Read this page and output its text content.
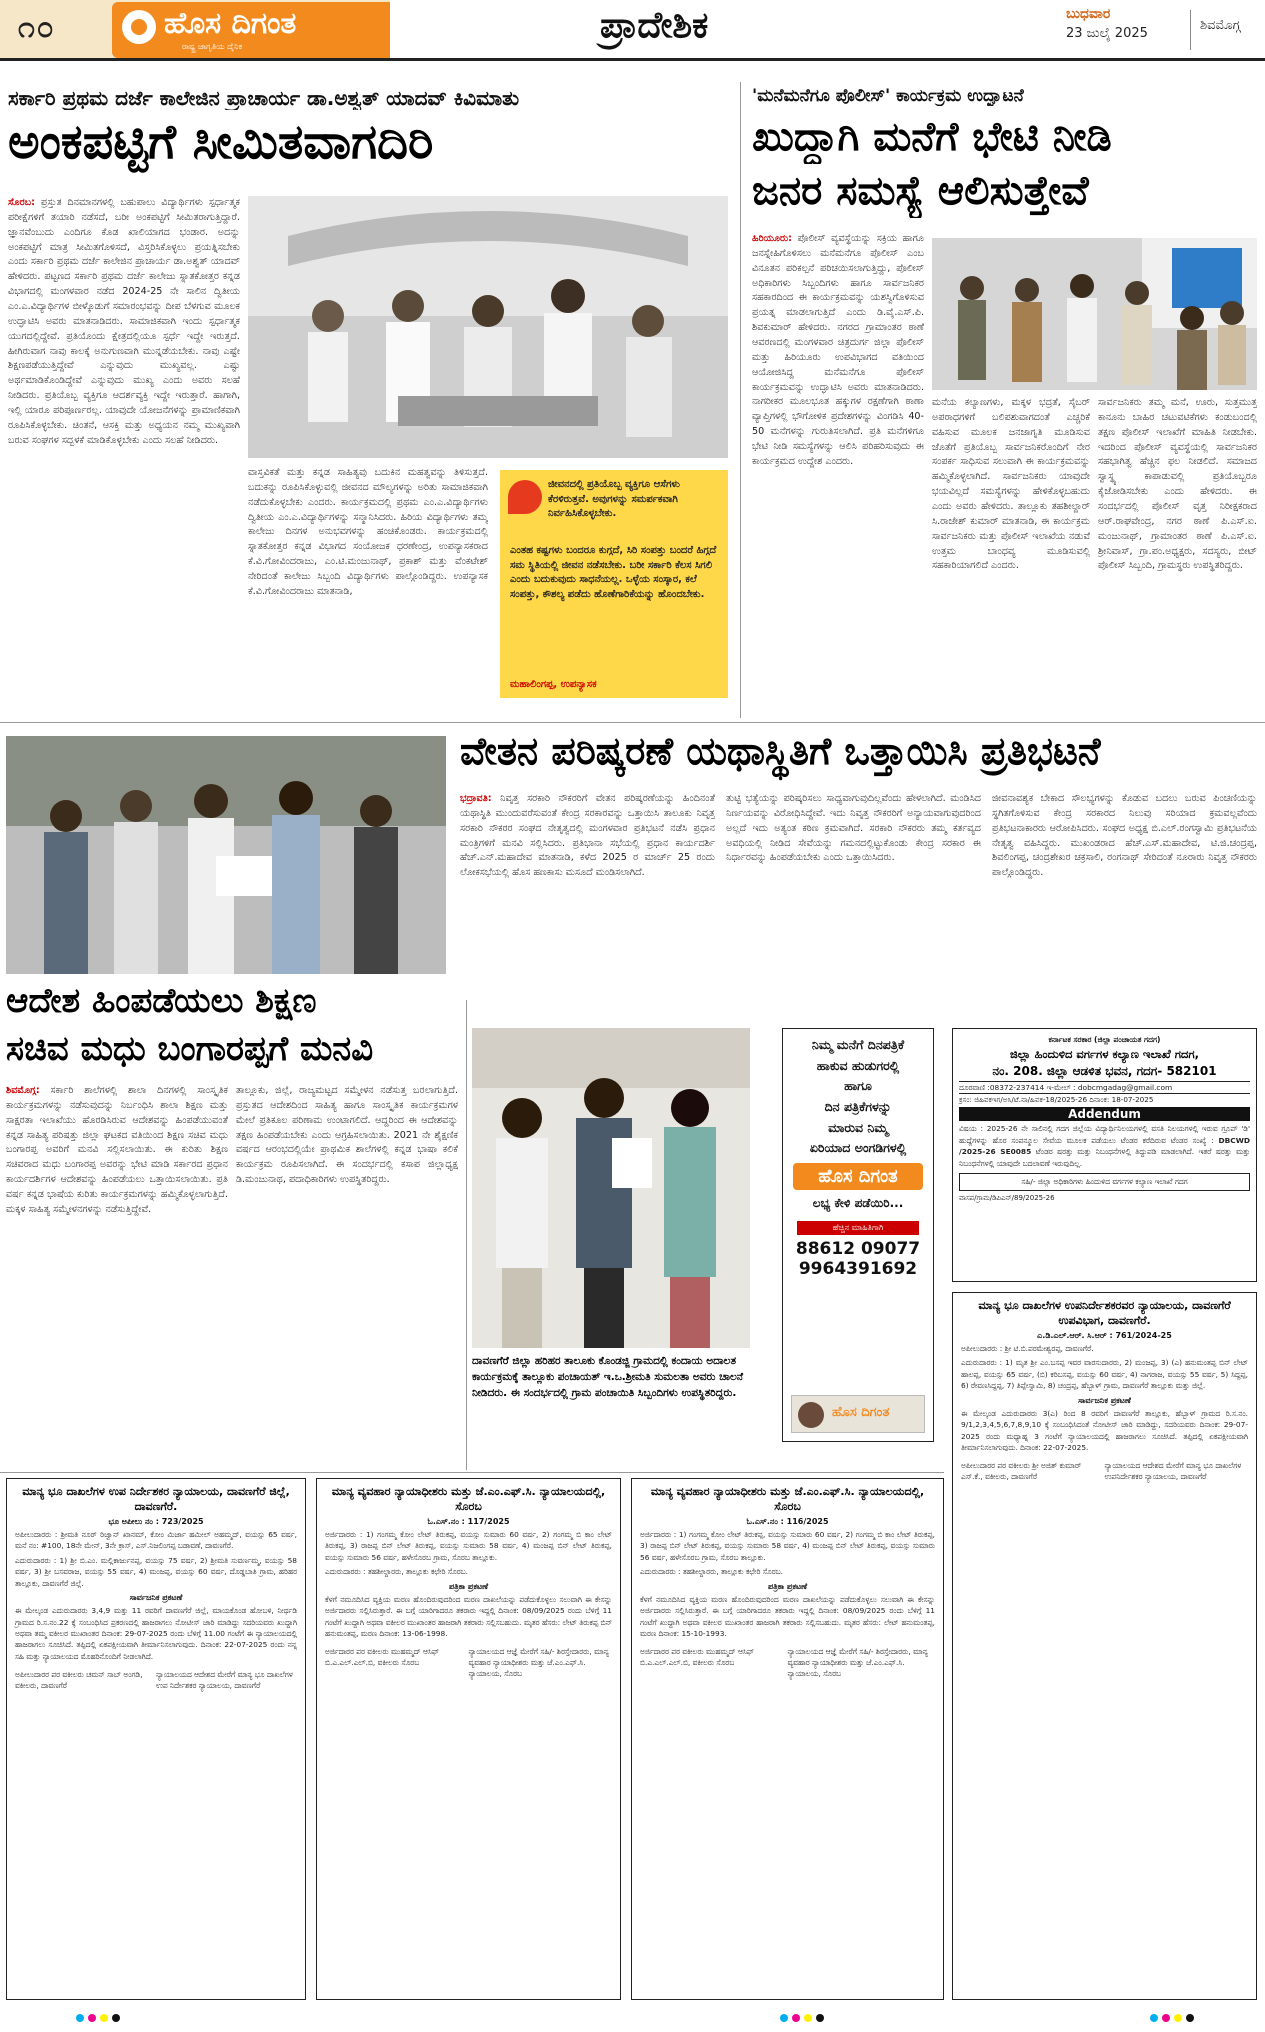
೧೦	ಹೊಸ ದಿಗಂತ
ರಾಷ್ಟ್ರ ಜಾಗೃತಿಯ ದೈನಿಕ
ಪ್ರಾದೇಶಿಕ	ಬುಧವಾರ
23 ಜುಲೈ 2025
ಶಿವಮೊಗ್ಗ
ಸರ್ಕಾರಿ ಪ್ರಥಮ ದರ್ಜೆ ಕಾಲೇಜಿನ ಪ್ರಾಚಾರ್ಯ ಡಾ.ಅಶ್ವತ್ ಯಾದವ್ ಕಿವಿಮಾತು
ಅಂಕಪಟ್ಟಿಗೆ ಸೀಮಿತವಾಗದಿರಿ
ಸೊರಬ: ಪ್ರಸ್ತುತ ದಿನಮಾನಗಳಲ್ಲಿ ಬಹುಪಾಲು ವಿದ್ಯಾರ್ಥಿಗಳು ಸ್ಪರ್ಧಾತ್ಮಕ ಪರೀಕ್ಷೆಗಳಿಗೆ ತಯಾರಿ ನಡೆಸದೆ, ಬರೀ ಅಂಕಪಟ್ಟಿಗೆ ಸೀಮಿತರಾಗುತ್ತಿದ್ದಾರೆ. ಜ್ಞಾನವೆಂಬುದು ಎಂದಿಗೂ ಕೊಡ ಖಾಲಿಯಾಗದ ಭಂಡಾರ. ಅದನ್ನು ಅಂಕಪಟ್ಟಿಗೆ ಮಾತ್ರ ಸೀಮಿತಗೊಳಿಸದೆ, ವಿಸ್ತರಿಸಿಕೊಳ್ಳಲು ಪ್ರಯತ್ನಿಸಬೇಕು ಎಂದು ಸರ್ಕಾರಿ ಪ್ರಥಮ ದರ್ಜೆ ಕಾಲೇಜಿನ ಪ್ರಾಚಾರ್ಯ ಡಾ.ಅಶ್ವತ್ ಯಾದವ್ ಹೇಳಿದರು. ಪಟ್ಟಣದ ಸರ್ಕಾರಿ ಪ್ರಥಮ ದರ್ಜೆ ಕಾಲೇಜು ಸ್ನಾತಕೋತ್ತರ ಕನ್ನಡ ವಿಭಾಗದಲ್ಲಿ ಮಂಗಳವಾರ ನಡೆದ 2024-25 ನೇ ಸಾಲಿನ ದ್ವಿತೀಯ ಎಂ.ಎ.ವಿದ್ಯಾರ್ಥಿಗಳ ಬೀಳ್ಕೊಡುಗೆ ಸಮಾರಂಭವನ್ನು ದೀಪ ಬೆಳಗುವ ಮೂಲಕ ಉದ್ಘಾಟಿಸಿ ಅವರು ಮಾತನಾಡಿದರು. ಸಾಮಾಜಿಕವಾಗಿ ಇಂದು ಸ್ಪರ್ಧಾತ್ಮಕ ಯುಗದಲ್ಲಿದ್ದೇವೆ. ಪ್ರತಿಯೊಂದು ಕ್ಷೇತ್ರದಲ್ಲಿಯೂ ಸ್ಪರ್ಧೆ ಇದ್ದೇ ಇರುತ್ತದೆ. ಹೀಗಿರುವಾಗ ನಾವು ಕಾಲಕ್ಕೆ ಅನುಗುಣವಾಗಿ ಮುನ್ನಡೆಯಬೇಕು. ನಾವು ಎಷ್ಟೇ ಶಿಕ್ಷಣಪಡೆಯುತ್ತಿದ್ದೇವೆ ಎನ್ನುವುದು ಮುಖ್ಯವಲ್ಲ. ಎಷ್ಟು ಅರ್ಥಮಾಡಿಕೊಂಡಿದ್ದೇವೆ ಎನ್ನುವುದು ಮುಖ್ಯ ಎಂದು ಅವರು ಸಲಹೆ ನೀಡಿದರು. ಪ್ರತಿಯೊಬ್ಬ ವ್ಯಕ್ತಿಗೂ ಆದರ್ಶವ್ಯಕ್ತಿ ಇದ್ದೇ ಇರುತ್ತಾರೆ. ಹಾಗಾಗಿ, ಇಲ್ಲಿ ಯಾರೂ ಪರಿಪೂರ್ಣರಲ್ಲ. ಯಾವುದೇ ಯೋಜನೆಗಳನ್ನು ಪ್ರಾಮಾಣಿಕವಾಗಿ ರೂಪಿಸಿಕೊಳ್ಳಬೇಕು. ಚಿಂತನೆ, ಆಸಕ್ತಿ ಮತ್ತು ಅಧ್ಯಯನ ನಮ್ಮ ಮುಖ್ಯವಾಗಿ ಬರುವ ಸಂಘಗಳ ಸದ್ಬಳಕೆ ಮಾಡಿಕೊಳ್ಳಬೇಕು ಎಂದು ಸಲಹೆ ನೀಡಿದರು.
ವಾಸ್ತವಿಕತೆ ಮತ್ತು ಕನ್ನಡ ಸಾಹಿತ್ಯವು ಬದುಕಿನ ಮಹತ್ವವನ್ನು ತಿಳಿಸುತ್ತದೆ. ಬದುಕನ್ನು ರೂಪಿಸಿಕೊಳ್ಳುವಲ್ಲಿ ಜೀವನದ ಮೌಲ್ಯಗಳನ್ನು ಅರಿತು ಸಾಮಾಜಿಕವಾಗಿ ನಡೆದುಕೊಳ್ಳಬೇಕು ಎಂದರು. ಕಾರ್ಯಕ್ರಮದಲ್ಲಿ ಪ್ರಥಮ ಎಂ.ಎ.ವಿದ್ಯಾರ್ಥಿಗಳು ದ್ವಿತೀಯ ಎಂ.ಎ.ವಿದ್ಯಾರ್ಥಿಗಳನ್ನು ಸನ್ಮಾನಿಸಿದರು. ಹಿರಿಯ ವಿದ್ಯಾರ್ಥಿಗಳು ತಮ್ಮ ಕಾಲೇಜು ದಿನಗಳ ಅನುಭವಗಳನ್ನು ಹಂಚಿಕೊಂಡರು. ಕಾರ್ಯಕ್ರಮದಲ್ಲಿ ಸ್ನಾತಕೋತ್ತರ ಕನ್ನಡ ವಿಭಾಗದ ಸಂಯೋಜಕ ಧರಣೇಂದ್ರ, ಉಪನ್ಯಾಸಕರಾದ ಕೆ.ವಿ.ಗೋವಿಂದರಾಜು, ಎಂ.ಟಿ.ಮಂಜುನಾಥ್, ಪ್ರಕಾಶ್ ಮತ್ತು ವೆಂಕಟೇಶ್ ನೇರಿದಂತೆ ಕಾಲೇಜು ಸಿಬ್ಬಂದಿ ವಿದ್ಯಾರ್ಥಿಗಳು ಪಾಲ್ಗೊಂಡಿದ್ದರು. ಉಪನ್ಯಾಸಕ ಕೆ.ವಿ.ಗೋವಿಂದರಾಜು ಮಾತನಾಡಿ,
ಜೀವನದಲ್ಲಿ ಪ್ರತಿಯೊಬ್ಬ ವ್ಯಕ್ತಿಗೂ ಆಸೆಗಳು ಕೆರಳಿರುತ್ತವೆ. ಅವುಗಳನ್ನು ಸಮರ್ಪಕವಾಗಿ ನಿರ್ವಹಿಸಿಕೊಳ್ಳಬೇಕು.
ಎಂತಹ ಕಷ್ಟಗಳು ಬಂದರೂ ಕುಗ್ಗದೆ, ಸಿರಿ ಸಂಪತ್ತು ಬಂದರೆ ಹಿಗ್ಗದೆ ಸಮ ಸ್ಥಿತಿಯಲ್ಲಿ ಜೀವನ ನಡೆಸಬೇಕು. ಬರೀ ಸರ್ಕಾರಿ ಕೆಲಸ ಸಿಗಲಿ ಎಂದು ಬದುಕುವುದು ಸಾಧನೆಯಲ್ಲ. ಒಳ್ಳೆಯ ಸಂಸ್ಕಾರ, ಕಲೆ ಸಂಪತ್ತು, ಕೌಶಲ್ಯ ಪಡೆದು ಹೊಣೆಗಾರಿಕೆಯನ್ನು ಹೊಂದಬೇಕು.
ಮಹಾಲಿಂಗಪ್ಪ, ಉಪನ್ಯಾಸಕ
'ಮನೆಮನೆಗೂ ಪೊಲೀಸ್' ಕಾರ್ಯಕ್ರಮ ಉದ್ಘಾಟನೆ
ಖುದ್ದಾಗಿ ಮನೆಗೆ ಭೇಟಿ ನೀಡಿ
ಜನರ ಸಮಸ್ಯೆ ಆಲಿಸುತ್ತೇವೆ
ಹಿರಿಯೂರು: ಪೊಲೀಸ್ ವ್ಯವಸ್ಥೆಯನ್ನು ಸಕ್ರಿಯ ಹಾಗೂ ಜನಸ್ನೇಹಿಗೊಳಿಸಲು ಮನೆಮನೆಗೂ ಪೊಲೀಸ್ ಎಂಬ ವಿನೂತನ ಪರಿಕಲ್ಪನೆ ಪರಿಚಯಿಸಲಾಗುತ್ತಿದ್ದು, ಪೊಲೀಸ್ ಅಧಿಕಾರಿಗಳು ಸಿಬ್ಬಂದಿಗಳು ಹಾಗೂ ಸಾರ್ವಜನಿಕರ ಸಹಕಾರದಿಂದ ಈ ಕಾರ್ಯಕ್ರಮವನ್ನು ಯಶಸ್ವಿಗೊಳಿಸುವ ಪ್ರಯತ್ನ ಮಾಡಲಾಗುತ್ತಿದೆ ಎಂದು ಡಿ.ವೈ.ಎಸ್.ಪಿ. ಶಿವಕುಮಾರ್ ಹೇಳಿದರು. ನಗರದ ಗ್ರಾಮಾಂತರ ಠಾಣೆ ಆವರಣದಲ್ಲಿ ಮಂಗಳವಾರ ಚಿತ್ರದುರ್ಗ ಜಿಲ್ಲಾ ಪೊಲೀಸ್ ಮತ್ತು ಹಿರಿಯೂರು ಉಪವಿಭಾಗದ ವತಿಯಿಂದ ಆಯೋಜಿಸಿದ್ದ ಮನೆಮನೆಗೂ ಪೊಲೀಸ್ ಕಾರ್ಯಕ್ರಮವನ್ನು ಉದ್ಘಾಟಿಸಿ ಅವರು ಮಾತನಾಡಿದರು. ನಾಗರೀಕರ ಮೂಲಭೂತ ಹಕ್ಕುಗಳ ರಕ್ಷಣೆಗಾಗಿ ಠಾಣಾ ವ್ಯಾಪ್ತಿಗಳಲ್ಲಿ ಭೌಗೋಳಿಕ ಪ್ರದೇಶಗಳನ್ನು ವಿಂಗಡಿಸಿ 40-50 ಮನೆಗಳನ್ನು ಗುರುತಿಸಲಾಗಿದೆ. ಪ್ರತಿ ಮನೆಗಳಿಗೂ ಭೇಟಿ ನೀಡಿ ಸಮಸ್ಯೆಗಳನ್ನು ಆಲಿಸಿ ಪರಿಹರಿಸುವುದು ಈ ಕಾರ್ಯಕ್ರಮದ ಉದ್ದೇಶ ಎಂದರು.
ಮನೆಯ ಕಲ್ಯಾಣಗಳು, ಮಕ್ಕಳ ಭದ್ರತೆ, ಸೈಬರ್ ಅಪರಾಧಗಳಿಗೆ ಬಲಿಪಶುವಾಗದಂತೆ ಎಚ್ಚರಿಕೆ ವಹಿಸುವ ಮೂಲಕ ಜನಜಾಗೃತಿ ಮೂಡಿಸುವ ಜೊತೆಗೆ ಪ್ರತಿಯೊಬ್ಬ ಸಾರ್ವಜನಿಕರೊಂದಿಗೆ ನೇರ ಸಂಪರ್ಕ ಸಾಧಿಸುವ ಸಲುವಾಗಿ ಈ ಕಾರ್ಯಕ್ರಮವನ್ನು ಹಮ್ಮಿಕೊಳ್ಳಲಾಗಿದೆ. ಸಾರ್ವಜನಿಕರು ಯಾವುದೇ ಭಯವಿಲ್ಲದೆ ಸಮಸ್ಯೆಗಳನ್ನು ಹೇಳಿಕೊಳ್ಳಬಹುದು ಎಂದು ಅವರು ಹೇಳಿದರು. ತಾಲ್ಲೂಕು ತಹಶೀಲ್ದಾರ್ ಸಿ.ರಾಜೇಶ್ ಕುಮಾರ್ ಮಾತನಾಡಿ, ಈ ಕಾರ್ಯಕ್ರಮ ಸಾರ್ವಜನಿಕರು ಮತ್ತು ಪೊಲೀಸ್ ಇಲಾಖೆಯ ನಡುವೆ ಉತ್ತಮ ಬಾಂಧವ್ಯ ಮೂಡಿಸುವಲ್ಲಿ ಸಹಕಾರಿಯಾಗಲಿದೆ ಎಂದರು.
ಸಾರ್ವಜನಿಕರು ತಮ್ಮ ಮನೆ, ಊರು, ಸುತ್ತಮುತ್ತ ಕಾನೂನು ಬಾಹಿರ ಚಟುವಟಿಕೆಗಳು ಕಂಡುಬಂದಲ್ಲಿ ತಕ್ಷಣ ಪೊಲೀಸ್ ಇಲಾಖೆಗೆ ಮಾಹಿತಿ ನೀಡಬೇಕು. ಇದರಿಂದ ಪೊಲೀಸ್ ವ್ಯವಸ್ಥೆಯಲ್ಲಿ ಸಾರ್ವಜನಿಕರ ಸಹಭಾಗಿತ್ವ ಹೆಚ್ಚಿನ ಫಲ ನೀಡಲಿದೆ. ಸಮಾಜದ ಸ್ವಾಸ್ಥ್ಯ ಕಾಪಾಡುವಲ್ಲಿ ಪ್ರತಿಯೊಬ್ಬರೂ ಕೈಜೋಡಿಸಬೇಕು ಎಂದು ಹೇಳಿದರು. ಈ ಸಂದರ್ಭದಲ್ಲಿ ಪೊಲೀಸ್ ವೃತ್ತ ನಿರೀಕ್ಷಕರಾದ ಆರ್.ರಾಘವೇಂದ್ರ, ನಗರ ಠಾಣೆ ಪಿ.ಎಸ್.ಐ. ಮಂಜುನಾಥ್, ಗ್ರಾಮಾಂತರ ಠಾಣೆ ಪಿ.ಎಸ್.ಐ. ಶ್ರೀನಿವಾಸ್, ಗ್ರಾ.ಪಂ.ಅಧ್ಯಕ್ಷರು, ಸದಸ್ಯರು, ಬೀಟ್ ಪೊಲೀಸ್ ಸಿಬ್ಬಂದಿ, ಗ್ರಾಮಸ್ಥರು ಉಪಸ್ಥಿತರಿದ್ದರು.
ವೇತನ ಪರಿಷ್ಕರಣೆ ಯಥಾಸ್ಥಿತಿಗೆ ಒತ್ತಾಯಿಸಿ ಪ್ರತಿಭಟನೆ
ಭದ್ರಾವತಿ: ನಿವೃತ್ತ ಸರಕಾರಿ ನೌಕರರಿಗೆ ವೇತನ ಪರಿಷ್ಕರಣೆಯನ್ನು ಹಿಂದಿನಂತೆ ಯಥಾಸ್ಥಿತಿ ಮುಂದುವರೆಸುವಂತೆ ಕೇಂದ್ರ ಸರಕಾರವನ್ನು ಒತ್ತಾಯಿಸಿ ತಾಲೂಕು ನಿವೃತ್ತ ಸರಕಾರಿ ನೌಕರರ ಸಂಘದ ನೇತೃತ್ವದಲ್ಲಿ ಮಂಗಳವಾರ ಪ್ರತಿಭಟನೆ ನಡೆಸಿ ಪ್ರಧಾನ ಮಂತ್ರಿಗಳಿಗೆ ಮನವಿ ಸಲ್ಲಿಸಿದರು. ಪ್ರತಿಭಾನಾ ಸಭೆಯಲ್ಲಿ ಪ್ರಧಾನ ಕಾರ್ಯದರ್ಶಿ ಹೆಚ್.ಎನ್.ಮಹಾದೇವ ಮಾತನಾಡಿ, ಕಳೆದ 2025 ರ ಮಾರ್ಚ್ 25 ರಂದು ಲೋಕಸಭೆಯಲ್ಲಿ ಹೊಸ ಹಣಕಾಸು ಮಸೂದೆ ಮಂಡಿಸಲಾಗಿದೆ.
ತುಟ್ಟಿ ಭತ್ಯೆಯನ್ನು ಪರಿಷ್ಕರಿಸಲು ಸಾಧ್ಯವಾಗುವುದಿಲ್ಲವೆಂದು ಹೇಳಲಾಗಿದೆ. ಮಂಡಿಸಿದ ನಿರ್ಣಯವನ್ನು ವಿರೋಧಿಸಿದ್ದೇವೆ. ಇದು ನಿವೃತ್ತ ನೌಕರರಿಗೆ ಅನ್ಯಾಯವಾಗುವುದರಿಂದ ಅಲ್ಲದೆ ಇದು ಅತ್ಯಂತ ಕಠಿಣ ಕ್ರಮವಾಗಿದೆ. ಸರಕಾರಿ ನೌಕರರು ತಮ್ಮ ಕರ್ತವ್ಯದ ಅವಧಿಯಲ್ಲಿ ನೀಡಿದ ಸೇವೆಯನ್ನು ಗಮನದಲ್ಲಿಟ್ಟುಕೊಂಡು ಕೇಂದ್ರ ಸರಕಾರ ಈ ನಿರ್ಧಾರವನ್ನು ಹಿಂಪಡೆಯಬೇಕು ಎಂದು ಒತ್ತಾಯಿಸಿದರು.
ಜೀವನಾವಶ್ಯಕ ಬೇಕಾದ ಸೌಲಭ್ಯಗಳನ್ನು ಕೊಡುವ ಬದಲು ಬರುವ ಪಿಂಚಣಿಯನ್ನು ಸ್ಥಗಿತಗೊಳಿಸುವ ಕೇಂದ್ರ ಸರಕಾರದ ನಿಲುವು ಸರಿಯಾದ ಕ್ರಮವಲ್ಲವೆಂದು ಪ್ರತಿಭಟನಾಕಾರರು ಆರೋಪಿಸಿದರು. ಸಂಘದ ಅಧ್ಯಕ್ಷ ಬಿ.ಎಲ್.ರಂಗಸ್ವಾಮಿ ಪ್ರತಿಭಟನೆಯ ನೇತೃತ್ವ ವಹಿಸಿದ್ದರು. ಮುಖಂಡರಾದ ಹೆಚ್.ಎಸ್.ಮಹಾದೇವ, ಟಿ.ಜಿ.ಚಂದ್ರಪ್ಪ, ಶಿವಲಿಂಗಪ್ಪ, ಚಂದ್ರಶೇಖರ ಚಕ್ರಸಾಲಿ, ರಂಗನಾಥ್ ಸೇರಿದಂತೆ ನೂರಾರು ನಿವೃತ್ತ ನೌಕರರು ಪಾಲ್ಗೊಂಡಿದ್ದರು.
ಆದೇಶ ಹಿಂಪಡೆಯಲು ಶಿಕ್ಷಣ
ಸಚಿವ ಮಧು ಬಂಗಾರಪ್ಪಗೆ ಮನವಿ
ಶಿವಮೊಗ್ಗ: ಸರ್ಕಾರಿ ಶಾಲೆಗಳಲ್ಲಿ ಶಾಲಾ ದಿನಗಳಲ್ಲಿ ಸಾಂಸ್ಕೃತಿಕ ಕಾರ್ಯಕ್ರಮಗಳನ್ನು ನಡೆಸುವುದನ್ನು ನಿರ್ಬಂಧಿಸಿ ಶಾಲಾ ಶಿಕ್ಷಣ ಮತ್ತು ಸಾಕ್ಷರತಾ ಇಲಾಖೆಯು ಹೊರಡಿಸಿರುವ ಆದೇಶವನ್ನು ಹಿಂಪಡೆಯುವಂತೆ ಕನ್ನಡ ಸಾಹಿತ್ಯ ಪರಿಷತ್ತು ಜಿಲ್ಲಾ ಘಟಕದ ವತಿಯಿಂದ ಶಿಕ್ಷಣ ಸಚಿವ ಮಧು ಬಂಗಾರಪ್ಪ ಅವರಿಗೆ ಮನವಿ ಸಲ್ಲಿಸಲಾಯಿತು. ಈ ಕುರಿತು ಶಿಕ್ಷಣ ಸಚಿವರಾದ ಮಧು ಬಂಗಾರಪ್ಪ ಅವರನ್ನು ಭೇಟಿ ಮಾಡಿ ಸರ್ಕಾರದ ಪ್ರಧಾನ ಕಾರ್ಯದರ್ಶಿಗಳ ಆದೇಶವನ್ನು ಹಿಂಪಡೆಯಲು ಒತ್ತಾಯಿಸಲಾಯಿತು. ಪ್ರತಿ ವರ್ಷ ಕನ್ನಡ ಭಾಷೆಯ ಕುರಿತು ಕಾರ್ಯಕ್ರಮಗಳನ್ನು ಹಮ್ಮಿಕೊಳ್ಳಲಾಗುತ್ತಿದೆ. ಮಕ್ಕಳ ಸಾಹಿತ್ಯ ಸಮ್ಮೇಳನಗಳನ್ನು ನಡೆಸುತ್ತಿದ್ದೇವೆ.
ತಾಲ್ಲೂಕು, ಜಿಲ್ಲೆ, ರಾಜ್ಯಮಟ್ಟದ ಸಮ್ಮೇಳನ ನಡೆಸುತ್ತ ಬರಲಾಗುತ್ತಿದೆ. ಪ್ರಸ್ತುತದ ಆದೇಶದಿಂದ ಸಾಹಿತ್ಯ ಹಾಗೂ ಸಾಂಸ್ಕೃತಿಕ ಕಾರ್ಯಕ್ರಮಗಳ ಮೇಲೆ ಪ್ರತಿಕೂಲ ಪರಿಣಾಮ ಉಂಟಾಗಲಿದೆ. ಆದ್ದರಿಂದ ಈ ಆದೇಶವನ್ನು ತಕ್ಷಣ ಹಿಂಪಡೆಯಬೇಕು ಎಂದು ಆಗ್ರಹಿಸಲಾಯಿತು. 2021 ನೇ ಶೈಕ್ಷಣಿಕ ವರ್ಷದ ಆರಂಭದಲ್ಲಿಯೇ ಪ್ರಾಥಮಿಕ ಶಾಲೆಗಳಲ್ಲಿ ಕನ್ನಡ ಭಾಷಾ ಕಲಿಕೆ ಕಾರ್ಯಕ್ರಮ ರೂಪಿಸಲಾಗಿದೆ. ಈ ಸಂದರ್ಭದಲ್ಲಿ ಕಸಾಪ ಜಿಲ್ಲಾಧ್ಯಕ್ಷ ಡಿ.ಮಂಜುನಾಥ, ಪದಾಧಿಕಾರಿಗಳು ಉಪಸ್ಥಿತರಿದ್ದರು.
ದಾವಣಗೆರೆ ಜಿಲ್ಲಾ ಹರಿಹರ ತಾಲೂಕು ಕೊಂಡಜ್ಜಿ ಗ್ರಾಮದಲ್ಲಿ ಕಂದಾಯ ಅದಾಲತ ಕಾರ್ಯಕ್ರಮಕ್ಕೆ ತಾಲ್ಲೂಕು ಪಂಚಾಯತ್ ಇ.ಒ.ಶ್ರೀಮತಿ ಸುಮಲತಾ ಅವರು ಚಾಲನೆ ನೀಡಿದರು. ಈ ಸಂದರ್ಭದಲ್ಲಿ ಗ್ರಾಮ ಪಂಚಾಯಿತಿ ಸಿಬ್ಬಂದಿಗಳು ಉಪಸ್ಥಿತರಿದ್ದರು.
ನಿಮ್ಮ ಮನೆಗೆ ದಿನಪತ್ರಿಕೆ
ಹಾಕುವ ಹುಡುಗರಲ್ಲಿ
ಹಾಗೂ
ದಿನ ಪತ್ರಿಕೆಗಳನ್ನು
ಮಾರುವ ನಿಮ್ಮ
ಏರಿಯಾದ ಅಂಗಡಿಗಳಲ್ಲಿ
ಹೊಸ ದಿಗಂತ
ಲಭ್ಯ ಕೇಳಿ ಪಡೆಯಿರಿ...
ಹೆಚ್ಚಿನ ಮಾಹಿತಿಗಾಗಿ
88612 09077
9964391692
ಹೊಸ ದಿಗಂತ
ಕರ್ನಾಟಕ ಸರಕಾರ (ಜಿಲ್ಲಾ ಪಂಚಾಯತ ಗದಗ)
ಜಿಲ್ಲಾ ಹಿಂದುಳಿದ ವರ್ಗಗಳ ಕಲ್ಯಾಣ ಇಲಾಖೆ ಗದಗ,
ನಂ. 208. ಜಿಲ್ಲಾ ಆಡಳಿತ ಭವನ, ಗದಗ- 582101
ದೂರವಾಣಿ :08372-237414 ಇ-ಮೇಲ್ : dobcmgadag@gmail.com
ಕ್ರಸಂ: ಜಿಹಿವಕಇಗ/ಅಸಿ/ಟೆ.ನಾ/ಹಿವಕ-18/2025-26 ದಿನಾಂಕ: 18-07-2025
Addendum
ವಿಷಯ : 2025-26 ನೇ ಸಾಲಿನಲ್ಲಿ ಗದಗ ಜಿಲ್ಲೆಯ ವಿದ್ಯಾರ್ಥಿನಿಲಯಗಳಲ್ಲಿ ವಸತಿ ನಿಲಯಗಳಲ್ಲಿ ಇರುವ ಗ್ರೂಪ್ 'ಡಿ' ಹುದ್ದೆಗಳನ್ನು ಹೊರ ಸಂಪನ್ಮೂಲ ಸೇವೆಯ ಮೂಲಕ ಪಡೆಯಲು ಟೆಂಡರ ಕರೆದಿರುವ ಟೆಂಡರ ಸಂಖ್ಯೆ : DBCWD /2025-26 SE0085 ಟೆಂಡರ ಷರತ್ತು ಮತ್ತು ನಿಬಂಧನೆಗಳಲ್ಲಿ ತಿದ್ದುಪಡಿ ಮಾಡಲಾಗಿದೆ. ಇತರೆ ಷರತ್ತು ಮತ್ತು ನಿಬಂಧನೆಗಳಲ್ಲಿ ಯಾವುದೇ ಬದಲಾವಣೆ ಇರುವುದಿಲ್ಲ.
ಸಹಿ/- ಜಿಲ್ಲಾ ಅಧಿಕಾರಿಗಳು ಹಿಂದುಳಿದ ವರ್ಗಗಳ ಕಲ್ಯಾಣ ಇಲಾಖೆ ಗದಗ
ವಾಸಪ/ಗ್ರಾಮ/ಡಿಪಿಎನ್/89/2025-26
ಮಾನ್ಯ ಭೂ ದಾಖಲೆಗಳ ಉಪನಿರ್ದೇಶಕರವರ ನ್ಯಾಯಾಲಯ, ದಾವಣಗೆರೆ ಉಪವಿಭಾಗ, ದಾವಣಗೆರೆ.
ಎ.ಡಿ.ಎಲ್.ಆರ್. ಸಿ.ಆರ್ : 761/2024-25
ಅಪೀಲುದಾರರು : ಶ್ರೀ ಟಿ.ಬಿ.ಪರಮೇಶ್ವರಪ್ಪ, ದಾವಣಗೆರೆ.
ಎದುರುದಾರರು : 1) ಮೃತ ಶ್ರೀ ಎಂ.ಬಸಪ್ಪ ಇವರ ವಾರಸುದಾರರು, 2) ಮಂಜಪ್ಪ, 3) (ಎ) ಹನುಮಂತಪ್ಪ ಬಿನ್ ಲೇಟ್ ಹಾಲಪ್ಪ, ವಯಸ್ಸು 65 ವರ್ಷ, (ಬಿ) ಕರಿಬಸಪ್ಪ, ವಯಸ್ಸು 60 ವರ್ಷ, 4) ನಾಗರಾಜ, ವಯಸ್ಸು 55 ವರ್ಷ, 5) ಸಿದ್ದಪ್ಪ, 6) ರೇವಣಸಿದ್ದಪ್ಪ, 7) ತಿಪ್ಪೇಸ್ವಾಮಿ, 8) ಚಂದ್ರಪ್ಪ, ಹೆಬ್ಬಾಳ್ ಗ್ರಾಮ, ದಾವಣಗೆರೆ ತಾಲ್ಲೂಕು ಮತ್ತು ಜಿಲ್ಲೆ.
ಸಾರ್ವಜನಿಕ ಪ್ರಕಟಣೆ
ಈ ಮೇಲ್ಕಂಡ ಎದುರುದಾರರು 3(ಎ) ರಿಂದ 8 ರವರಿಗೆ ದಾವಣಗೆರೆ ತಾಲ್ಲೂಕು, ಹೆಬ್ಬಾಳ್ ಗ್ರಾಮದ ರಿ.ಸ.ನಂ. 9/1,2,3,4,5,6,7,8,9,10 ಕ್ಕೆ ಸಂಬಂಧಿಸಿದಂತೆ ನೋಟೀಸ್ ಜಾರಿ ಮಾಡಿದ್ದು, ಸದರಿಯವರು ದಿನಾಂಕ: 29-07-2025 ರಂದು ಮಧ್ಯಾಹ್ನ 3 ಗಂಟೆಗೆ ನ್ಯಾಯಾಲಯದಲ್ಲಿ ಹಾಜರಾಗಲು ಸೂಚಿಸಿದೆ. ತಪ್ಪಿದಲ್ಲಿ ಏಕಪಕ್ಷೀಯವಾಗಿ ತೀರ್ಮಾನಿಸಲಾಗುವುದು. ದಿನಾಂಕ: 22-07-2025.
ಅಪೀಲುದಾರರ ಪರ ವಕೀಲರು ಶ್ರೀ ಅಜಿತ್ ಕುಮಾರ್ ಎಸ್.ಕೆ., ವಕೀಲರು, ದಾವಣಗೆರೆ
ನ್ಯಾಯಾಲಯದ ಆದೇಶದ ಮೇರೆಗೆ ಮಾನ್ಯ ಭೂ ದಾಖಲೆಗಳ ಉಪನಿರ್ದೇಶಕರ ನ್ಯಾಯಾಲಯ, ದಾವಣಗೆರೆ
ಮಾನ್ಯ ಭೂ ದಾಖಲೆಗಳ ಉಪ ನಿರ್ದೇಶಕರ ನ್ಯಾಯಾಲಯ, ದಾವಣಗೆರೆ ಜಿಲ್ಲೆ, ದಾವಣಗೆರೆ.
ಭೂ ಅಪೀಲು ನಂ : 723/2025
ಅಪೀಲುದಾರರು : ಶ್ರೀಮತಿ ನೂರ್ ರಿಜ್ವಾನ್ ಖಾನಮ್, ಕೋಂ ಮಿರ್ಜಾ ಹಮೀಲ್ ಅಹಮ್ಮದ್, ವಯಸ್ಸು 65 ವರ್ಷ, ಮನೆ ನಂ: #100, 18ನೇ ಮೇನ್, 3ನೇ ಕ್ರಾಸ್, ಎಸ್.ನಿಜಲಿಂಗಪ್ಪ ಬಡಾವಣೆ, ದಾವಣಗೆರೆ.
ಎದುರುದಾರರು : 1) ಶ್ರೀ ಬಿ.ಎಂ. ಮಲ್ಲಿಕಾರ್ಜುನಪ್ಪ, ವಯಸ್ಸು 75 ವರ್ಷ, 2) ಶ್ರೀಮತಿ ಸುವರ್ಣಮ್ಮ, ವಯಸ್ಸು 58 ವರ್ಷ, 3) ಶ್ರೀ ಬಸವರಾಜ, ವಯಸ್ಸು 55 ವರ್ಷ, 4) ಮಂಜಪ್ಪ, ವಯಸ್ಸು 60 ವರ್ಷ, ದೊಡ್ಡಬಾತಿ ಗ್ರಾಮ, ಹರಿಹರ ತಾಲ್ಲೂಕು, ದಾವಣಗೆರೆ ಜಿಲ್ಲೆ.
ಸಾರ್ವಜನಿಕ ಪ್ರಕಟಣೆ
ಈ ಮೇಲ್ಕಂಡ ಎದುರುದಾರರು 3,4,9 ಮತ್ತು 11 ರವರಿಗೆ ದಾವಣಗೆರೆ ಜಿಲ್ಲೆ, ಮಾಯಕೊಂಡ ಹೋಬಳಿ, ನೀರ್ಥಡಿ ಗ್ರಾಮದ ರಿ.ಸ.ನಂ.22 ಕ್ಕೆ ಸಂಬಂಧಿಸಿದ ಪ್ರಕರಣದಲ್ಲಿ ಹಾಜರಾಗಲು ನೋಟೀಸ್ ಜಾರಿ ಮಾಡಿದ್ದು ಸದರಿಯವರು ಖುದ್ದಾಗಿ ಅಥವಾ ತಮ್ಮ ವಕೀಲರ ಮುಖಾಂತರ ದಿನಾಂಕ: 29-07-2025 ರಂದು ಬೆಳಿಗ್ಗೆ 11.00 ಗಂಟೆಗೆ ಈ ನ್ಯಾಯಾಲಯದಲ್ಲಿ ಹಾಜರಾಗಲು ಸೂಚಿಸಿದೆ. ತಪ್ಪಿದಲ್ಲಿ ಏಕಪಕ್ಷೀಯವಾಗಿ ತೀರ್ಮಾನಿಸಲಾಗುವುದು. ದಿನಾಂಕ: 22-07-2025 ರಂದು ನನ್ನ ಸಹಿ ಮತ್ತು ನ್ಯಾಯಾಲಯದ ಮೊಹರಿನೊಂದಿಗೆ ನೀಡಲಾಗಿದೆ.
ಅಪೀಲುದಾರರ ಪರ ವಕೀಲರು ಚಮನ್ ಸಾಬ್ ಅಂಗಡಿ, ವಕೀಲರು, ದಾವಣಗೆರೆ
ನ್ಯಾಯಾಲಯದ ಆದೇಶದ ಮೇರೆಗೆ ಮಾನ್ಯ ಭೂ ದಾಖಲೆಗಳ ಉಪ ನಿರ್ದೇಶಕರ ನ್ಯಾಯಾಲಯ, ದಾವಣಗೆರೆ
ಮಾನ್ಯ ವ್ಯವಹಾರ ನ್ಯಾಯಾಧೀಶರು ಮತ್ತು ಜೆ.ಎಂ.ಎಫ್.ಸಿ. ನ್ಯಾಯಾಲಯದಲ್ಲಿ, ಸೊರಬ
ಓ.ಎಸ್.ನಂ : 117/2025
ಅರ್ಜಿದಾರರು : 1) ಗಂಗಮ್ಮ ಕೋಂ ಲೇಟ್ ತಿರುಕಪ್ಪ, ವಯಸ್ಸು ಸುಮಾರು 60 ವರ್ಷ, 2) ಗಂಗಮ್ಮ ಬಿ ಕಾಂ ಲೇಟ್ ತಿರುಕಪ್ಪ, 3) ರಾಜಪ್ಪ ಬಿನ್ ಲೇಟ್ ತಿರುಕಪ್ಪ, ವಯಸ್ಸು ಸುಮಾರು 58 ವರ್ಷ, 4) ಮಂಜಪ್ಪ ಬಿನ್ ಲೇಟ್ ತಿರುಕಪ್ಪ, ವಯಸ್ಸು ಸುಮಾರು 56 ವರ್ಷ, ಹಳೇಸೊರಬ ಗ್ರಾಮ, ಸೊರಬ ತಾಲ್ಲೂಕು.
ಎದುರುದಾರರು : ತಹಶೀಲ್ದಾರರು, ತಾಲ್ಲೂಕು ಕಛೇರಿ ಸೊರಬ.
ಪತ್ರಿಕಾ ಪ್ರಕಟಣೆ
ಕೆಳಗೆ ನಮೂದಿಸಿದ ವ್ಯಕ್ತಿಯ ಮರಣ ಹೊಂದಿರುವುದರಿಂದ ಮರಣ ದಾಖಲೆಯನ್ನು ಪಡೆದುಕೊಳ್ಳಲು ಸಲುವಾಗಿ ಈ ಕೇಸನ್ನು ಅರ್ಜಿದಾರರು ಸಲ್ಲಿಸಿರುತ್ತಾರೆ. ಈ ಬಗ್ಗೆ ಯಾರಿಗಾದರೂ ತಕರಾರು ಇದ್ದಲ್ಲಿ ದಿನಾಂಕ: 08/09/2025 ರಂದು ಬೆಳಿಗ್ಗೆ 11 ಗಂಟೆಗೆ ಖುದ್ದಾಗಿ ಅಥವಾ ವಕೀಲರ ಮುಖಾಂತರ ಹಾಜರಾಗಿ ತಕರಾರು ಸಲ್ಲಿಸಬಹುದು. ಮೃತರ ಹೆಸರು: ಲೇಟ್ ತಿರುಕಪ್ಪ ಬಿನ್ ಹನುಮಂತಪ್ಪ, ಮರಣ ದಿನಾಂಕ: 13-06-1998.
ಅರ್ಜಿದಾರರ ಪರ ವಕೀಲರು ಮುಹಮ್ಮದ್ ಆಸಿಫ್ ಬಿ.ಎ.ಎಲ್.ಎಲ್.ಬಿ, ವಕೀಲರು ಸೊರಬ
ನ್ಯಾಯಾಲಯದ ಆಜ್ಞೆ ಮೇರೆಗೆ ಸಹಿ/- ಶಿರಸ್ತೇದಾರರು, ಮಾನ್ಯ ವ್ಯವಹಾರ ನ್ಯಾಯಾಧೀಶರು ಮತ್ತು ಜೆ.ಎಂ.ಎಫ್.ಸಿ. ನ್ಯಾಯಾಲಯ, ಸೊರಬ
ಮಾನ್ಯ ವ್ಯವಹಾರ ನ್ಯಾಯಾಧೀಶರು ಮತ್ತು ಜೆ.ಎಂ.ಎಫ್.ಸಿ. ನ್ಯಾಯಾಲಯದಲ್ಲಿ, ಸೊರಬ
ಓ.ಎಸ್.ನಂ : 116/2025
ಅರ್ಜಿದಾರರು : 1) ಗಂಗಮ್ಮ ಕೋಂ ಲೇಟ್ ತಿರುಕಪ್ಪ, ವಯಸ್ಸು ಸುಮಾರು 60 ವರ್ಷ, 2) ಗಂಗಮ್ಮ ಬಿ ಕಾಂ ಲೇಟ್ ತಿರುಕಪ್ಪ, 3) ರಾಜಪ್ಪ ಬಿನ್ ಲೇಟ್ ತಿರುಕಪ್ಪ, ವಯಸ್ಸು ಸುಮಾರು 58 ವರ್ಷ, 4) ಮಂಜಪ್ಪ ಬಿನ್ ಲೇಟ್ ತಿರುಕಪ್ಪ, ವಯಸ್ಸು ಸುಮಾರು 56 ವರ್ಷ, ಹಳೇಸೊರಬ ಗ್ರಾಮ, ಸೊರಬ ತಾಲ್ಲೂಕು.
ಎದುರುದಾರರು : ತಹಶೀಲ್ದಾರರು, ತಾಲ್ಲೂಕು ಕಛೇರಿ ಸೊರಬ.
ಪತ್ರಿಕಾ ಪ್ರಕಟಣೆ
ಕೆಳಗೆ ನಮೂದಿಸಿದ ವ್ಯಕ್ತಿಯ ಮರಣ ಹೊಂದಿರುವುದರಿಂದ ಮರಣ ದಾಖಲೆಯನ್ನು ಪಡೆದುಕೊಳ್ಳಲು ಸಲುವಾಗಿ ಈ ಕೇಸನ್ನು ಅರ್ಜಿದಾರರು ಸಲ್ಲಿಸಿರುತ್ತಾರೆ. ಈ ಬಗ್ಗೆ ಯಾರಿಗಾದರೂ ತಕರಾರು ಇದ್ದಲ್ಲಿ ದಿನಾಂಕ: 08/09/2025 ರಂದು ಬೆಳಿಗ್ಗೆ 11 ಗಂಟೆಗೆ ಖುದ್ದಾಗಿ ಅಥವಾ ವಕೀಲರ ಮುಖಾಂತರ ಹಾಜರಾಗಿ ತಕರಾರು ಸಲ್ಲಿಸಬಹುದು. ಮೃತರ ಹೆಸರು: ಲೇಟ್ ಹನುಮಂತಪ್ಪ, ಮರಣ ದಿನಾಂಕ: 15-10-1993.
ಅರ್ಜಿದಾರರ ಪರ ವಕೀಲರು ಮುಹಮ್ಮದ್ ಆಸಿಫ್ ಬಿ.ಎ.ಎಲ್.ಎಲ್.ಬಿ, ವಕೀಲರು ಸೊರಬ
ನ್ಯಾಯಾಲಯದ ಆಜ್ಞೆ ಮೇರೆಗೆ ಸಹಿ/- ಶಿರಸ್ತೇದಾರರು, ಮಾನ್ಯ ವ್ಯವಹಾರ ನ್ಯಾಯಾಧೀಶರು ಮತ್ತು ಜೆ.ಎಂ.ಎಫ್.ಸಿ. ನ್ಯಾಯಾಲಯ, ಸೊರಬ
